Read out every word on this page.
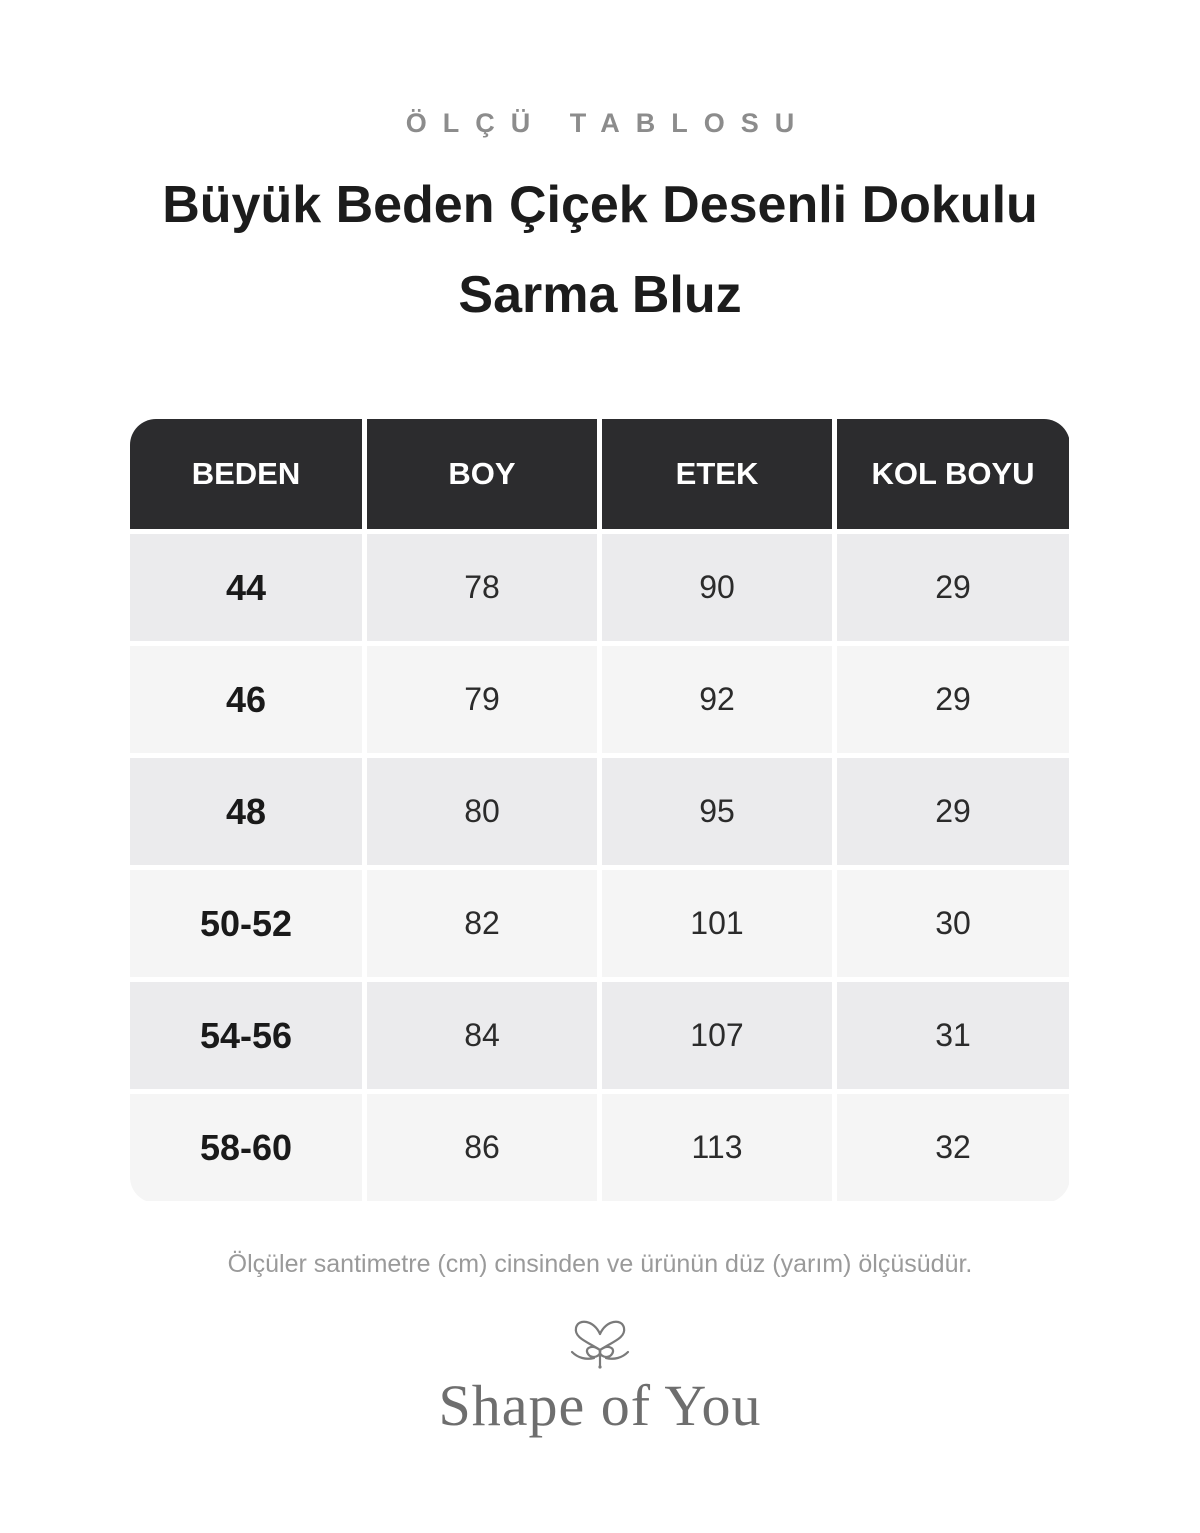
ÖLÇÜ TABLOSU
Büyük Beden Çiçek Desenli Dokulu
Sarma Bluz
BEDEN	BOY	ETEK	KOL BOYU
44	78	90	29
46	79	92	29
48	80	95	29
50-52	82	101	30
54-56	84	107	31
58-60	86	113	32
Ölçüler santimetre (cm) cinsinden ve ürünün düz (yarım) ölçüsüdür.
Shape of You
